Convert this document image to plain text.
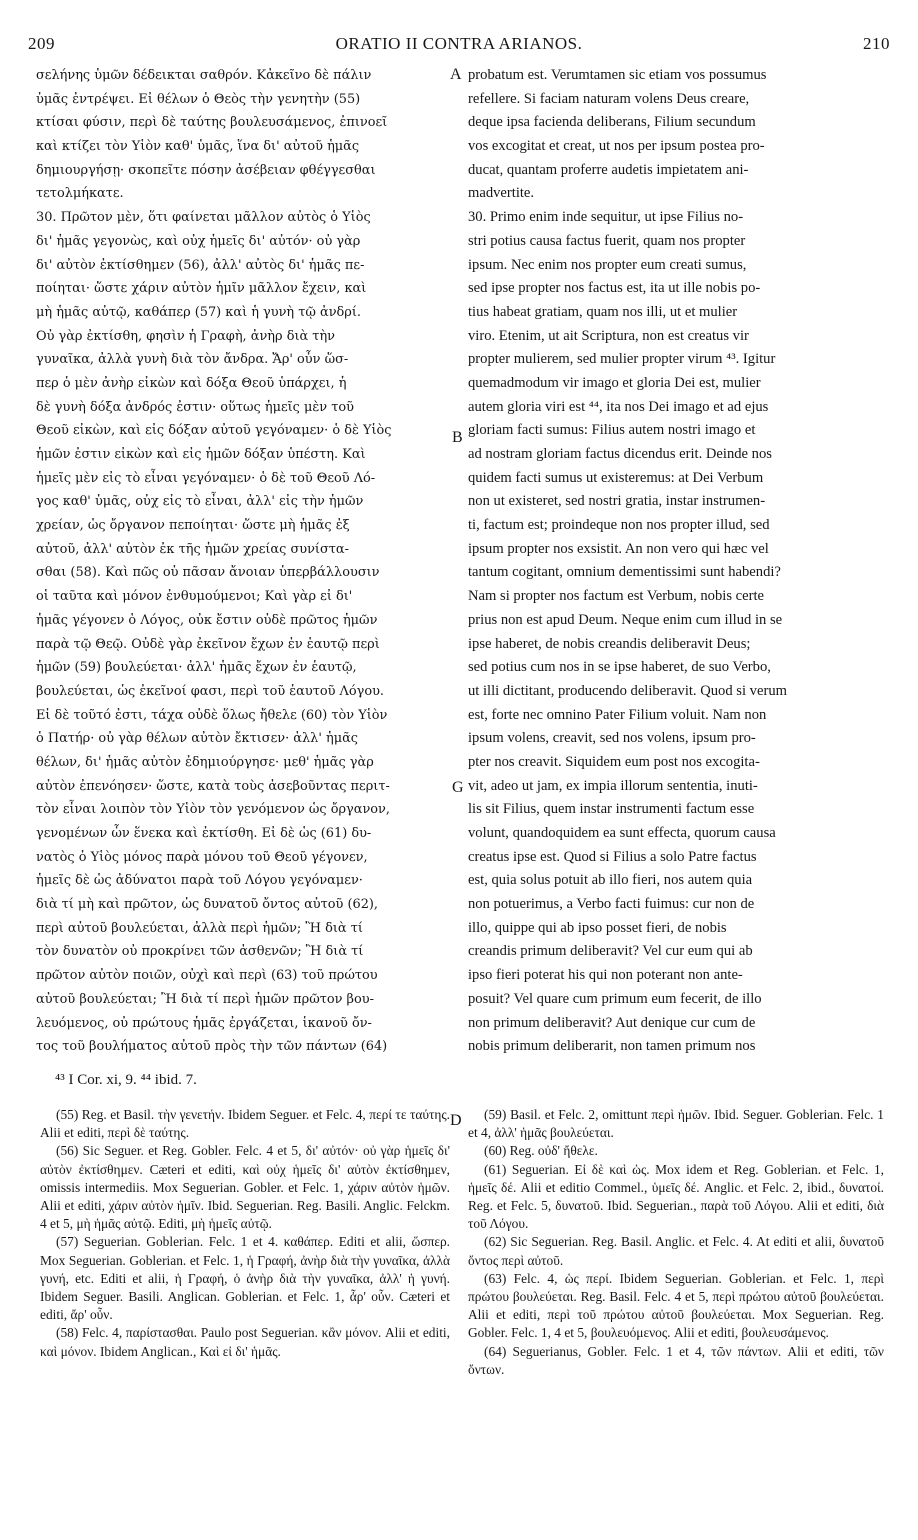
209	ORATIO II CONTRA ARIANOS.	210
σελήνης ὑμῶν δέδεικται σαθρόν. Κἀκεῖνο δὲ πάλιν
ὑμᾶς ἐντρέψει. Εἰ θέλων ὁ Θεὸς τὴν γενητὴν (55)
κτίσαι φύσιν, περὶ δὲ ταύτης βουλευσάμενος, ἐπινοεῖ
καὶ κτίζει τὸν Υἱὸν καθ' ὑμᾶς, ἵνα δι' αὐτοῦ ἡμᾶς
δημιουργήσῃ· σκοπεῖτε πόσην ἀσέβειαν φθέγγεσθαι
τετολμήκατε.
30. Πρῶτον μὲν, ὅτι φαίνεται μᾶλλον αὐτὸς ὁ Υἱὸς
δι' ἡμᾶς γεγονὼς, καὶ οὐχ ἡμεῖς δι' αὐτόν· οὐ γὰρ
δι' αὐτὸν ἐκτίσθημεν (56), ἀλλ' αὐτὸς δι' ἡμᾶς πε-
ποίηται· ὥστε χάριν αὐτὸν ἡμῖν μᾶλλον ἔχειν, καὶ
μὴ ἡμᾶς αὐτῷ, καθάπερ (57) καὶ ἡ γυνὴ τῷ ἀνδρί.
Οὐ γὰρ ἐκτίσθη, φησὶν ἡ Γραφὴ, ἀνὴρ διὰ τὴν
γυναῖκα, ἀλλὰ γυνὴ διὰ τὸν ἄνδρα. Ἄρ' οὖν ὥσ-
περ ὁ μὲν ἀνὴρ εἰκὼν καὶ δόξα Θεοῦ ὑπάρχει, ἡ
δὲ γυνὴ δόξα ἀνδρός ἐστιν· οὕτως ἡμεῖς μὲν τοῦ
Θεοῦ εἰκὼν, καὶ εἰς δόξαν αὐτοῦ γεγόναμεν· ὁ δὲ Υἱὸς
ἡμῶν ἐστιν εἰκὼν καὶ εἰς ἡμῶν δόξαν ὑπέστη. Καὶ
ἡμεῖς μὲν εἰς τὸ εἶναι γεγόναμεν· ὁ δὲ τοῦ Θεοῦ Λό-
γος καθ' ὑμᾶς, οὐχ εἰς τὸ εἶναι, ἀλλ' εἰς τὴν ἡμῶν
χρείαν, ὡς ὄργανον πεποίηται· ὥστε μὴ ἡμᾶς ἐξ
αὐτοῦ, ἀλλ' αὐτὸν ἐκ τῆς ἡμῶν χρείας συνίστα-
σθαι (58). Καὶ πῶς οὐ πᾶσαν ἄνοιαν ὑπερβάλλουσιν
οἱ ταῦτα καὶ μόνον ἐνθυμούμενοι; Καὶ γὰρ εἰ δι'
ἡμᾶς γέγονεν ὁ Λόγος, οὐκ ἔστιν οὐδὲ πρῶτος ἡμῶν
παρὰ τῷ Θεῷ. Οὐδὲ γὰρ ἐκεῖνον ἔχων ἐν ἑαυτῷ περὶ
ἡμῶν (59) βουλεύεται· ἀλλ' ἡμᾶς ἔχων ἐν ἑαυτῷ,
βουλεύεται, ὡς ἐκεῖνοί φασι, περὶ τοῦ ἑαυτοῦ Λόγου.
Εἰ δὲ τοῦτό ἐστι, τάχα οὐδὲ ὅλως ἤθελε (60) τὸν Υἱὸν
ὁ Πατήρ· οὐ γὰρ θέλων αὐτὸν ἔκτισεν· ἀλλ' ἡμᾶς
θέλων, δι' ἡμᾶς αὐτὸν ἐδημιούργησε· μεθ' ἡμᾶς γὰρ
αὐτὸν ἐπενόησεν· ὥστε, κατὰ τοὺς ἀσεβοῦντας περιτ-
τὸν εἶναι λοιπὸν τὸν Υἱὸν τὸν γενόμενον ὡς ὄργανον,
γενομένων ὧν ἕνεκα καὶ ἐκτίσθη. Εἰ δὲ ὡς (61) δυ-
νατὸς ὁ Υἱὸς μόνος παρὰ μόνου τοῦ Θεοῦ γέγονεν,
ἡμεῖς δὲ ὡς ἀδύνατοι παρὰ τοῦ Λόγου γεγόναμεν·
διὰ τί μὴ καὶ πρῶτον, ὡς δυνατοῦ ὄντος αὐτοῦ (62),
περὶ αὐτοῦ βουλεύεται, ἀλλὰ περὶ ἡμῶν; Ἢ διὰ τί
τὸν δυνατὸν οὐ προκρίνει τῶν ἀσθενῶν; Ἢ διὰ τί
πρῶτον αὐτὸν ποιῶν, οὐχὶ καὶ περὶ (63) τοῦ πρώτου
αὐτοῦ βουλεύεται; Ἢ διὰ τί περὶ ἡμῶν πρῶτον βου-
λευόμενος, οὐ πρώτους ἡμᾶς ἐργάζεται, ἱκανοῦ ὄν-
τος τοῦ βουλήματος αὐτοῦ πρὸς τὴν τῶν πάντων (64)
probatum est. Verumtamen sic etiam vos possumus
refellere. Si faciam naturam volens Deus creare,
deque ipsa facienda deliberans, Filium secundum
vos excogitat et creat, ut nos per ipsum postea pro-
ducat, quantam proferre audetis impietatem ani-
madvertite.
30. Primo enim inde sequitur, ut ipse Filius no-
stri potius causa factus fuerit, quam nos propter
ipsum. Nec enim nos propter eum creati sumus,
sed ipse propter nos factus est, ita ut ille nobis po-
tius habeat gratiam, quam nos illi, ut et mulier
viro. Etenim, ut ait Scriptura, non est creatus vir
propter mulierem, sed mulier propter virum ⁴³. Igitur
quemadmodum vir imago et gloria Dei est, mulier
autem gloria viri est ⁴⁴, ita nos Dei imago et ad ejus
gloriam facti sumus: Filius autem nostri imago et
ad nostram gloriam factus dicendus erit. Deinde nos
quidem facti sumus ut existeremus: at Dei Verbum
non ut existeret, sed nostri gratia, instar instrumen-
ti, factum est; proindeque non nos propter illud, sed
ipsum propter nos exsistit. An non vero qui hæc vel
tantum cogitant, omnium dementissimi sunt habendi?
Nam si propter nos factum est Verbum, nobis certe
prius non est apud Deum. Neque enim cum illud in se
ipse haberet, de nobis creandis deliberavit Deus;
sed potius cum nos in se ipse haberet, de suo Verbo,
ut illi dictitant, producendo deliberavit. Quod si verum
est, forte nec omnino Pater Filium voluit. Nam non
ipsum volens, creavit, sed nos volens, ipsum pro-
pter nos creavit. Siquidem eum post nos excogita-
vit, adeo ut jam, ex impia illorum sententia, inuti-
lis sit Filius, quem instar instrumenti factum esse
volunt, quandoquidem ea sunt effecta, quorum causa
creatus ipse est. Quod si Filius a solo Patre factus
est, quia solus potuit ab illo fieri, nos autem quia
non potuerimus, a Verbo facti fuimus: cur non de
illo, quippe qui ab ipso posset fieri, de nobis
creandis primum deliberavit? Vel cur eum qui ab
ipso fieri poterat his qui non poterant non ante-
posuit? Vel quare cum primum eum fecerit, de illo
non primum deliberavit? Aut denique cur cum de
nobis primum deliberarit, non tamen primum nos
A
B
G
D
⁴³ I Cor. xi, 9. ⁴⁴ ibid. 7.

(55) Reg. et Basil. τὴν γενετήν. Ibidem Seguer. et Felc. 4, περί τε ταύτης. Alii et editi, περὶ δὲ ταύτης.

(56) Sic Seguer. et Reg. Gobler. Felc. 4 et 5, δι' αὐτόν· οὐ γὰρ ἡμεῖς δι' αὐτὸν ἐκτίσθημεν. Cæteri et editi, καὶ οὐχ ἡμεῖς δι' αὐτὸν ἐκτίσθημεν, omissis intermediis. Mox Seguerian. Gobler. et Felc. 1, χάριν αὐτὸν ἡμῶν. Alii et editi, χάριν αὐτὸν ἡμῖν. Ibid. Seguerian. Reg. Basili. Anglic. Felckm. 4 et 5, μὴ ἡμᾶς αὐτῷ. Editi, μὴ ἡμεῖς αὐτῷ.

(57) Seguerian. Goblerian. Felc. 1 et 4. καθάπερ. Editi et alii, ὥσπερ. Mox Seguerian. Goblerian. et Felc. 1, ἡ Γραφή, ἀνὴρ διὰ τὴν γυναῖκα, ἀλλὰ γυνή, etc. Editi et alii, ἡ Γραφή, ὁ ἀνὴρ διὰ τὴν γυναῖκα, ἀλλ' ἡ γυνή. Ibidem Seguer. Basili. Anglican. Goblerian. et Felc. 1, ἆρ' οὖν. Cæteri et editi, ἄρ' οὖν.

(58) Felc. 4, παρίστασθαι. Paulo post Seguerian. κἂν μόνον. Alii et editi, καὶ μόνον. Ibidem Anglican., Καὶ εἰ δι' ἡμᾶς.

(59) Basil. et Felc. 2, omittunt περὶ ἡμῶν. Ibid. Seguer. Goblerian. Felc. 1 et 4, ἀλλ' ἡμᾶς βουλεύεται.

(60) Reg. οὐδ' ἤθελε.

(61) Seguerian. Εἰ δὲ καὶ ὡς. Mox idem et Reg. Goblerian. et Felc. 1, ἡμεῖς δέ. Alii et editio Commel., ὑμεῖς δέ. Anglic. et Felc. 2, ibid., δυνατοί. Reg. et Felc. 5, δυνατοῦ. Ibid. Seguerian., παρὰ τοῦ Λόγου. Alii et editi, διὰ τοῦ Λόγου.

(62) Sic Seguerian. Reg. Basil. Anglic. et Felc. 4. At editi et alii, δυνατοῦ ὄντος περὶ αὐτοῦ.

(63) Felc. 4, ὡς περί. Ibidem Seguerian. Goblerian. et Felc. 1, περὶ πρώτου βουλεύεται. Reg. Basil. Felc. 4 et 5, περὶ πρώτου αὐτοῦ βουλεύεται. Alii et editi, περὶ τοῦ πρώτου αὐτοῦ βουλεύεται. Mox Seguerian. Reg. Gobler. Felc. 1, 4 et 5, βουλευόμενος. Alii et editi, βουλευσάμενος.

(64) Seguerianus, Gobler. Felc. 1 et 4, τῶν πάντων. Alii et editi, τῶν ὄντων.
